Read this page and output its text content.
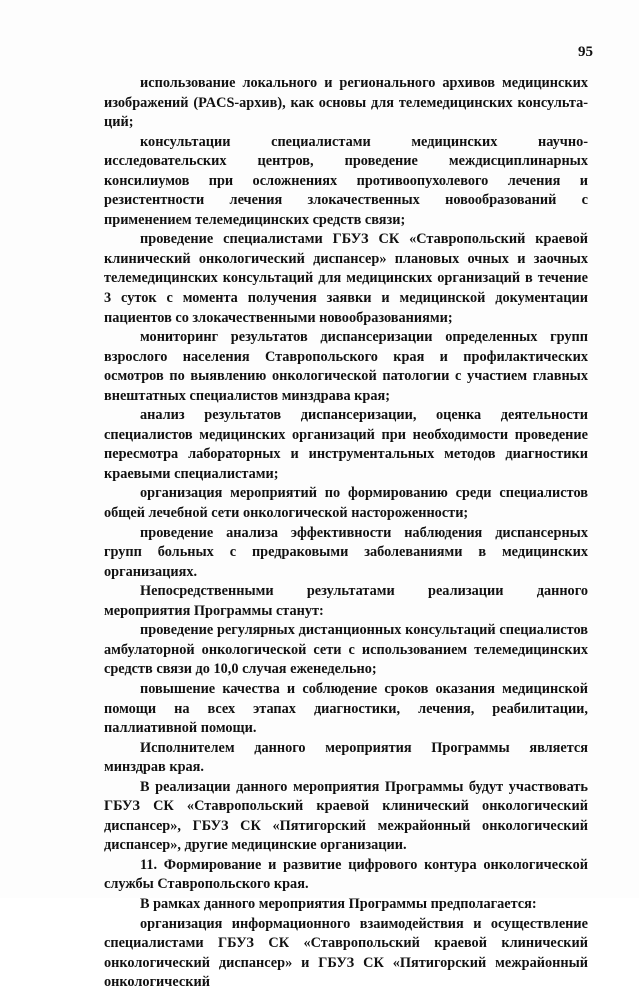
95

использование локального и регионального архивов медицинских изображений (PACS-архив), как основы для телемедицинских консульта-ций;

консультации специалистами медицинских научно-исследовательских центров, проведение междисциплинарных консилиумов при осложнениях противоопухолевого лечения и резистентности лечения злокачественных новообразований с применением телемедицинских средств связи;

проведение специалистами ГБУЗ СК «Ставропольский краевой клинический онкологический диспансер» плановых очных и заочных телемедицинских консультаций для медицинских организаций в течение 3 суток с момента получения заявки и медицинской документации пациентов со злокачественными новообразованиями;

мониторинг результатов диспансеризации определенных групп взрослого населения Ставропольского края и профилактических осмотров по выявлению онкологической патологии с участием главных внештатных специалистов минздрава края;

анализ результатов диспансеризации, оценка деятельности специалистов медицинских организаций при необходимости проведение пересмотра лабораторных и инструментальных методов диагностики краевыми специалистами;

организация мероприятий по формированию среди специалистов общей лечебной сети онкологической настороженности;

проведение анализа эффективности наблюдения диспансерных групп больных с предраковыми заболеваниями в медицинских организациях.

Непосредственными результатами реализации данного мероприятия Программы станут:

проведение регулярных дистанционных консультаций специалистов амбулаторной онкологической сети с использованием телемедицинских средств связи до 10,0 случая еженедельно;

повышение качества и соблюдение сроков оказания медицинской помощи на всех этапах диагностики, лечения, реабилитации, паллиативной помощи.

Исполнителем данного мероприятия Программы является минздрав края.

В реализации данного мероприятия Программы будут участвовать ГБУЗ СК «Ставропольский краевой клинический онкологический диспансер», ГБУЗ СК «Пятигорский межрайонный онкологический диспансер», другие медицинские организации.

11. Формирование и развитие цифрового контура онкологической службы Ставропольского края.

В рамках данного мероприятия Программы предполагается:

организация информационного взаимодействия и осуществление специалистами ГБУЗ СК «Ставропольский краевой клинический онкологический диспансер» и ГБУЗ СК «Пятигорский межрайонный онкологический
